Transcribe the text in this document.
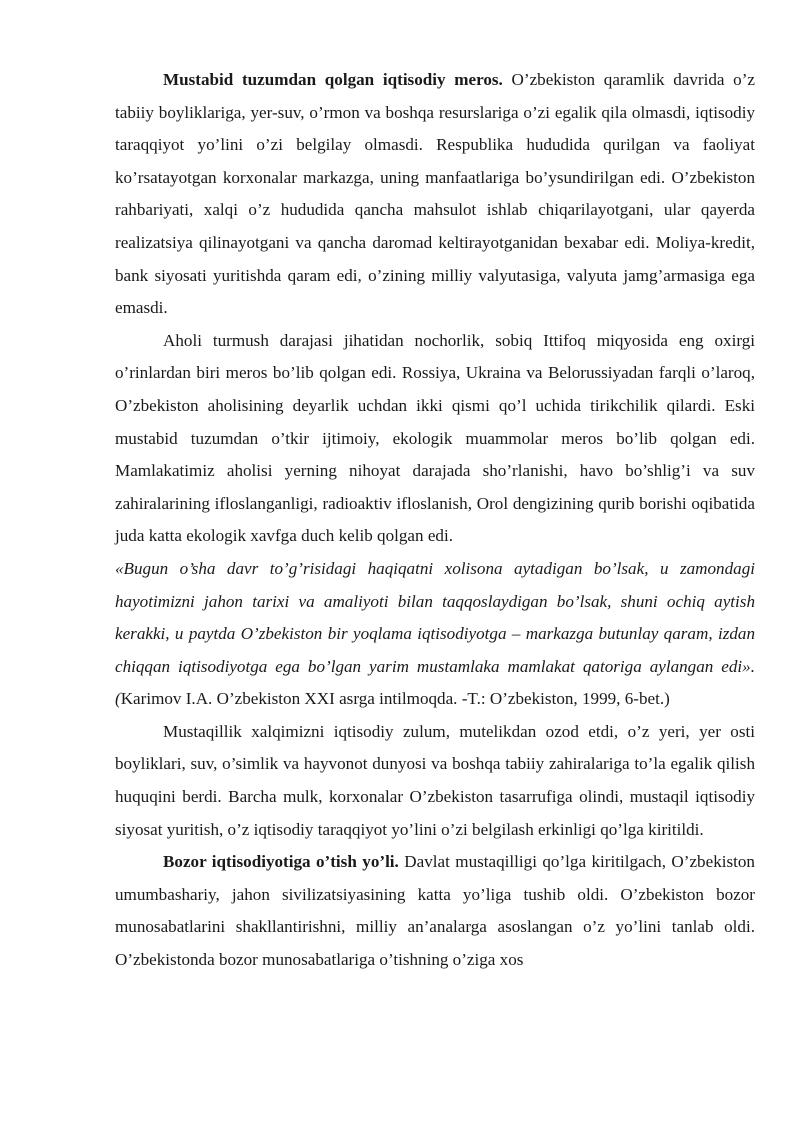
Mustabid tuzumdan qolgan iqtisodiy meros. O’zbekiston qaramlik davrida o’z tabiiy boyliklariga, yer-suv, o’rmon va boshqa resurslariga o’zi egalik qila olmasdi, iqtisodiy taraqqiyot yo’lini o’zi belgilay olmasdi. Respublika hududida qurilgan va faoliyat ko’rsatayotgan korxonalar markazga, uning manfaatlariga bo’ysundirilgan edi. O’zbekiston rahbariyati, xalqi o’z hududida qancha mahsulot ishlab chiqarilayotgani, ular qayerda realizatsiya qilinayotgani va qancha daromad keltirayotganidan bexabar edi. Moliya-kredit, bank siyosati yuritishda qaram edi, o’zining milliy valyutasiga, valyuta jamg’armasiga ega emasdi.

Aholi turmush darajasi jihatidan nochorlik, sobiq Ittifoq miqyosida eng oxirgi o’rinlardan biri meros bo’lib qolgan edi. Rossiya, Ukraina va Belorussiyadan farqli o’laroq, O’zbekiston aholisining deyarlik uchdan ikki qismi qo’l uchida tirikchilik qilardi. Eski mustabid tuzumdan o’tkir ijtimoiy, ekologik muammolar meros bo’lib qolgan edi. Mamlakatimiz aholisi yerning nihoyat darajada sho’rlanishi, havo bo’shlig’i va suv zahiralarining ifloslanganligi, radioaktiv ifloslanish, Orol dengizining qurib borishi oqibatida juda katta ekologik xavfga duch kelib qolgan edi.

«Bugun o’sha davr to’g’risidagi haqiqatni xolisona aytadigan bo’lsak, u zamondagi hayotimizni jahon tarixi va amaliyoti bilan taqqoslaydigan bo’lsak, shuni ochiq aytish kerakki, u paytda O’zbekiston bir yoqlama iqtisodiyotga – markazga butunlay qaram, izdan chiqqan iqtisodiyotga ega bo’lgan yarim mustamlaka mamlakat qatoriga aylangan edi». (Karimov I.A. O’zbekiston XXI asrga intilmoqda. -T.: O’zbekiston, 1999, 6-bet.)

Mustaqillik xalqimizni iqtisodiy zulum, mutelikdan ozod etdi, o’z yeri, yer osti boyliklari, suv, o’simlik va hayvonot dunyosi va boshqa tabiiy zahiralariga to’la egalik qilish huquqini berdi. Barcha mulk, korxonalar O’zbekiston tasarrufiga olindi, mustaqil iqtisodiy siyosat yuritish, o’z iqtisodiy taraqqiyot yo’lini o’zi belgilash erkinligi qo’lga kiritildi.

Bozor iqtisodiyotiga o’tish yo’li. Davlat mustaqilligi qo’lga kiritilgach, O’zbekiston umumbashariy, jahon sivilizatsiyasining katta yo’liga tushib oldi. O’zbekiston bozor munosabatlarini shakllantirishni, milliy an’analarga asoslangan o’z yo’lini tanlab oldi. O’zbekistonda bozor munosabatlariga o’tishning o’ziga xos
